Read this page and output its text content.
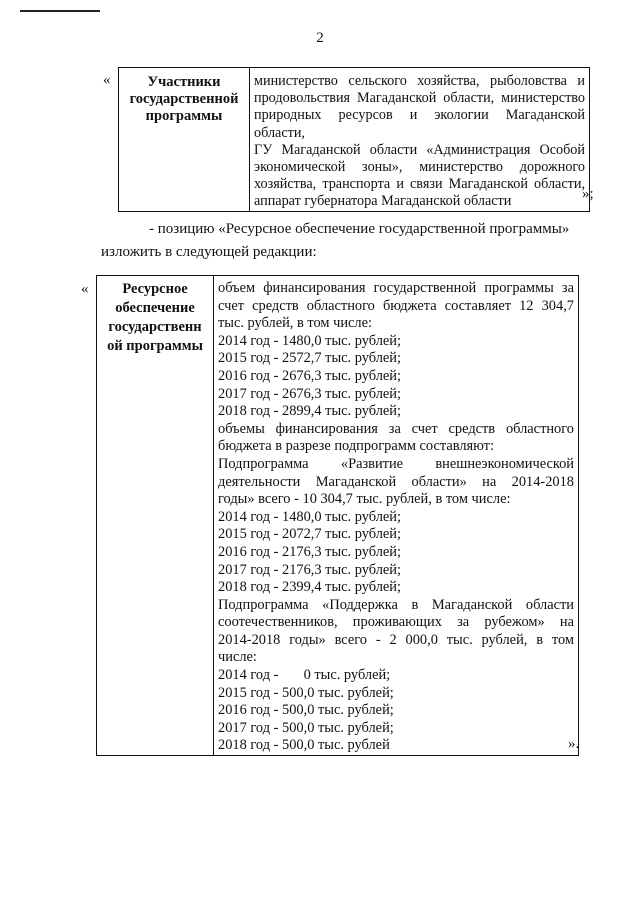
2
«	Участники
государственной
программы

министерство сельского хозяйства, рыболовства и
продовольствия Магаданской области, министерство
природных ресурсов и экологии Магаданской области,
ГУ Магаданской области «Администрация Особой
экономической зоны», министерство дорожного
хозяйства, транспорта и связи Магаданской области,
аппарат губернатора Магаданской области	»;
- позицию «Ресурсное обеспечение государственной программы»
изложить в следующей редакции:
«	Ресурсное
обеспечение
государственн
ой программы

объем финансирования государственной программы за
счет средств областного бюджета составляет 12 304,7
тыс. рублей, в том числе:
2014 год - 1480,0 тыс. рублей;
2015 год - 2572,7 тыс. рублей;
2016 год - 2676,3 тыс. рублей;
2017 год - 2676,3 тыс. рублей;
2018 год - 2899,4 тыс. рублей;
объемы финансирования за счет средств областного
бюджета в разрезе подпрограмм составляют:
Подпрограмма «Развитие внешнеэкономической
деятельности Магаданской области» на 2014-2018
годы» всего - 10 304,7 тыс. рублей, в том числе:
2014 год - 1480,0 тыс. рублей;
2015 год - 2072,7 тыс. рублей;
2016 год - 2176,3 тыс. рублей;
2017 год - 2176,3 тыс. рублей;
2018 год - 2399,4 тыс. рублей;
Подпрограмма «Поддержка в Магаданской области
соотечественников, проживающих за рубежом» на
2014-2018 годы» всего - 2 000,0 тыс. рублей, в том
числе:
2014 год -       0 тыс. рублей;
2015 год - 500,0 тыс. рублей;
2016 год - 500,0 тыс. рублей;
2017 год - 500,0 тыс. рублей;
2018 год - 500,0 тыс. рублей	».
